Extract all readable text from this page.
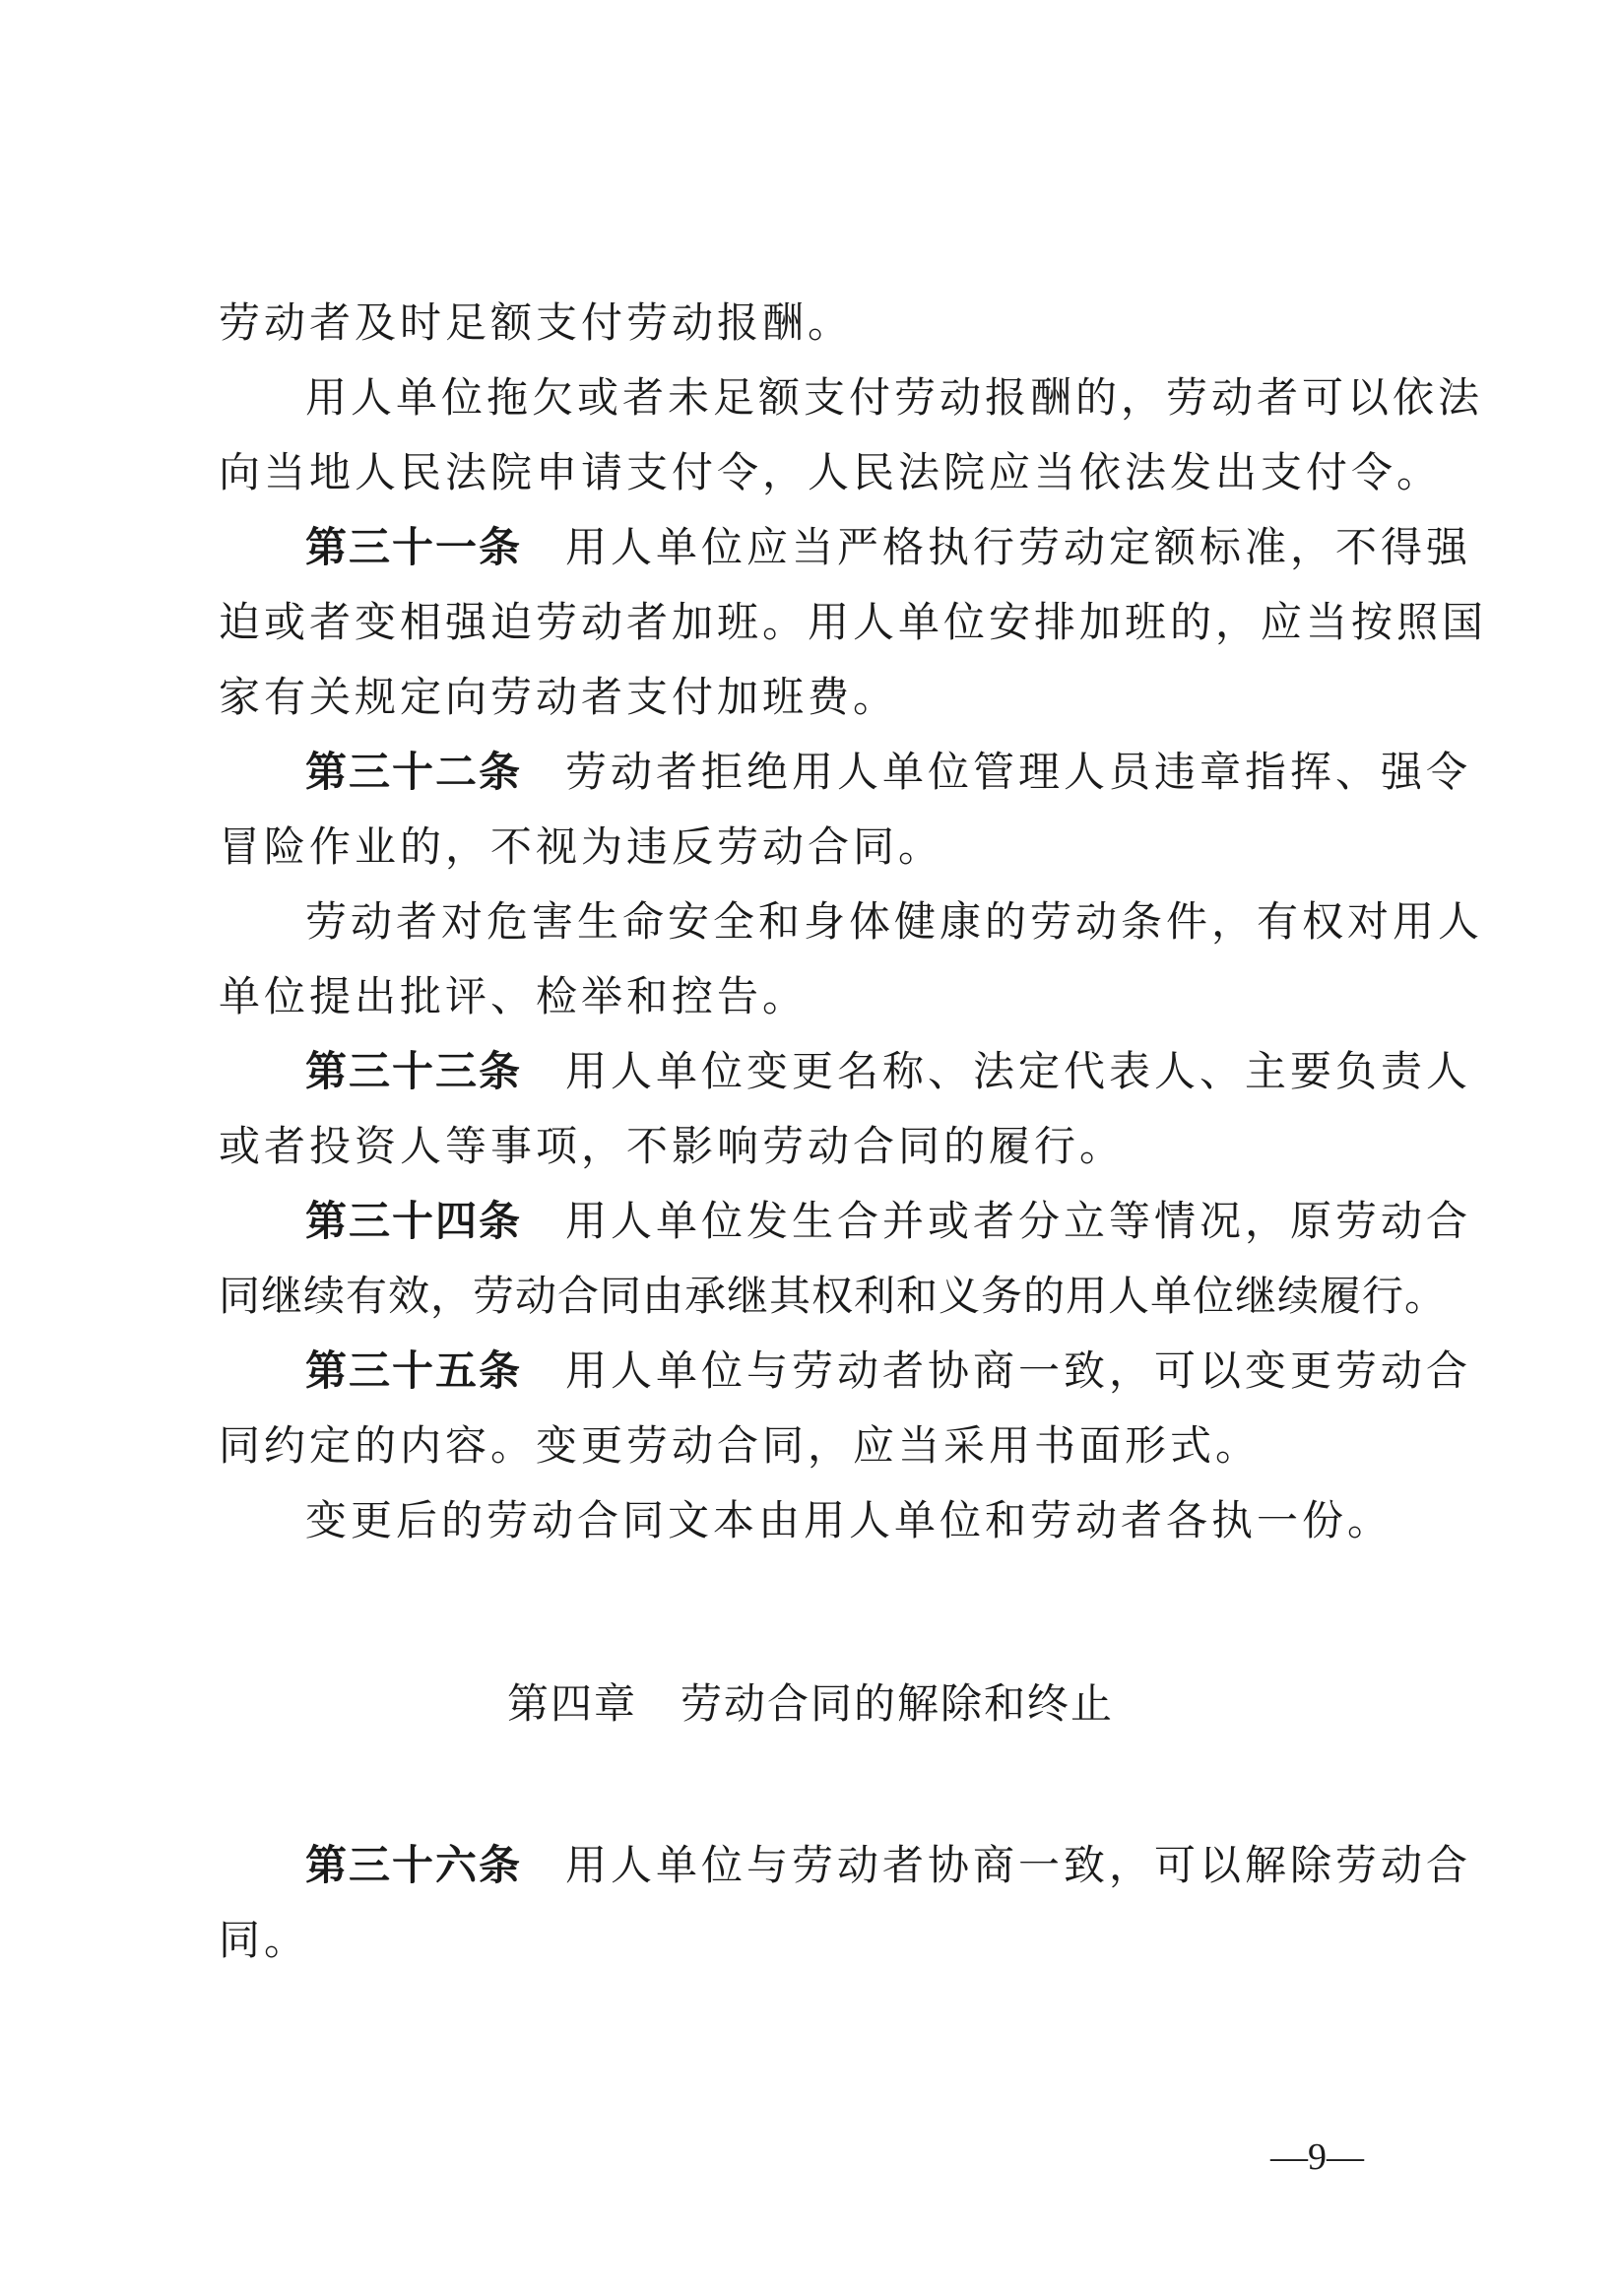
劳动者及时足额支付劳动报酬。
用人单位拖欠或者未足额支付劳动报酬的，劳动者可以依法
向当地人民法院申请支付令，人民法院应当依法发出支付令。
第三十一条 用人单位应当严格执行劳动定额标准，不得强
迫或者变相强迫劳动者加班。用人单位安排加班的，应当按照国
家有关规定向劳动者支付加班费。
第三十二条 劳动者拒绝用人单位管理人员违章指挥、强令
冒险作业的，不视为违反劳动合同。
劳动者对危害生命安全和身体健康的劳动条件，有权对用人
单位提出批评、检举和控告。
第三十三条 用人单位变更名称、法定代表人、主要负责人
或者投资人等事项，不影响劳动合同的履行。
第三十四条 用人单位发生合并或者分立等情况，原劳动合
同继续有效，劳动合同由承继其权利和义务的用人单位继续履行。
第三十五条 用人单位与劳动者协商一致，可以变更劳动合
同约定的内容。变更劳动合同，应当采用书面形式。
变更后的劳动合同文本由用人单位和劳动者各执一份。
第四章 劳动合同的解除和终止
第三十六条 用人单位与劳动者协商一致，可以解除劳动合
同。
—9—
